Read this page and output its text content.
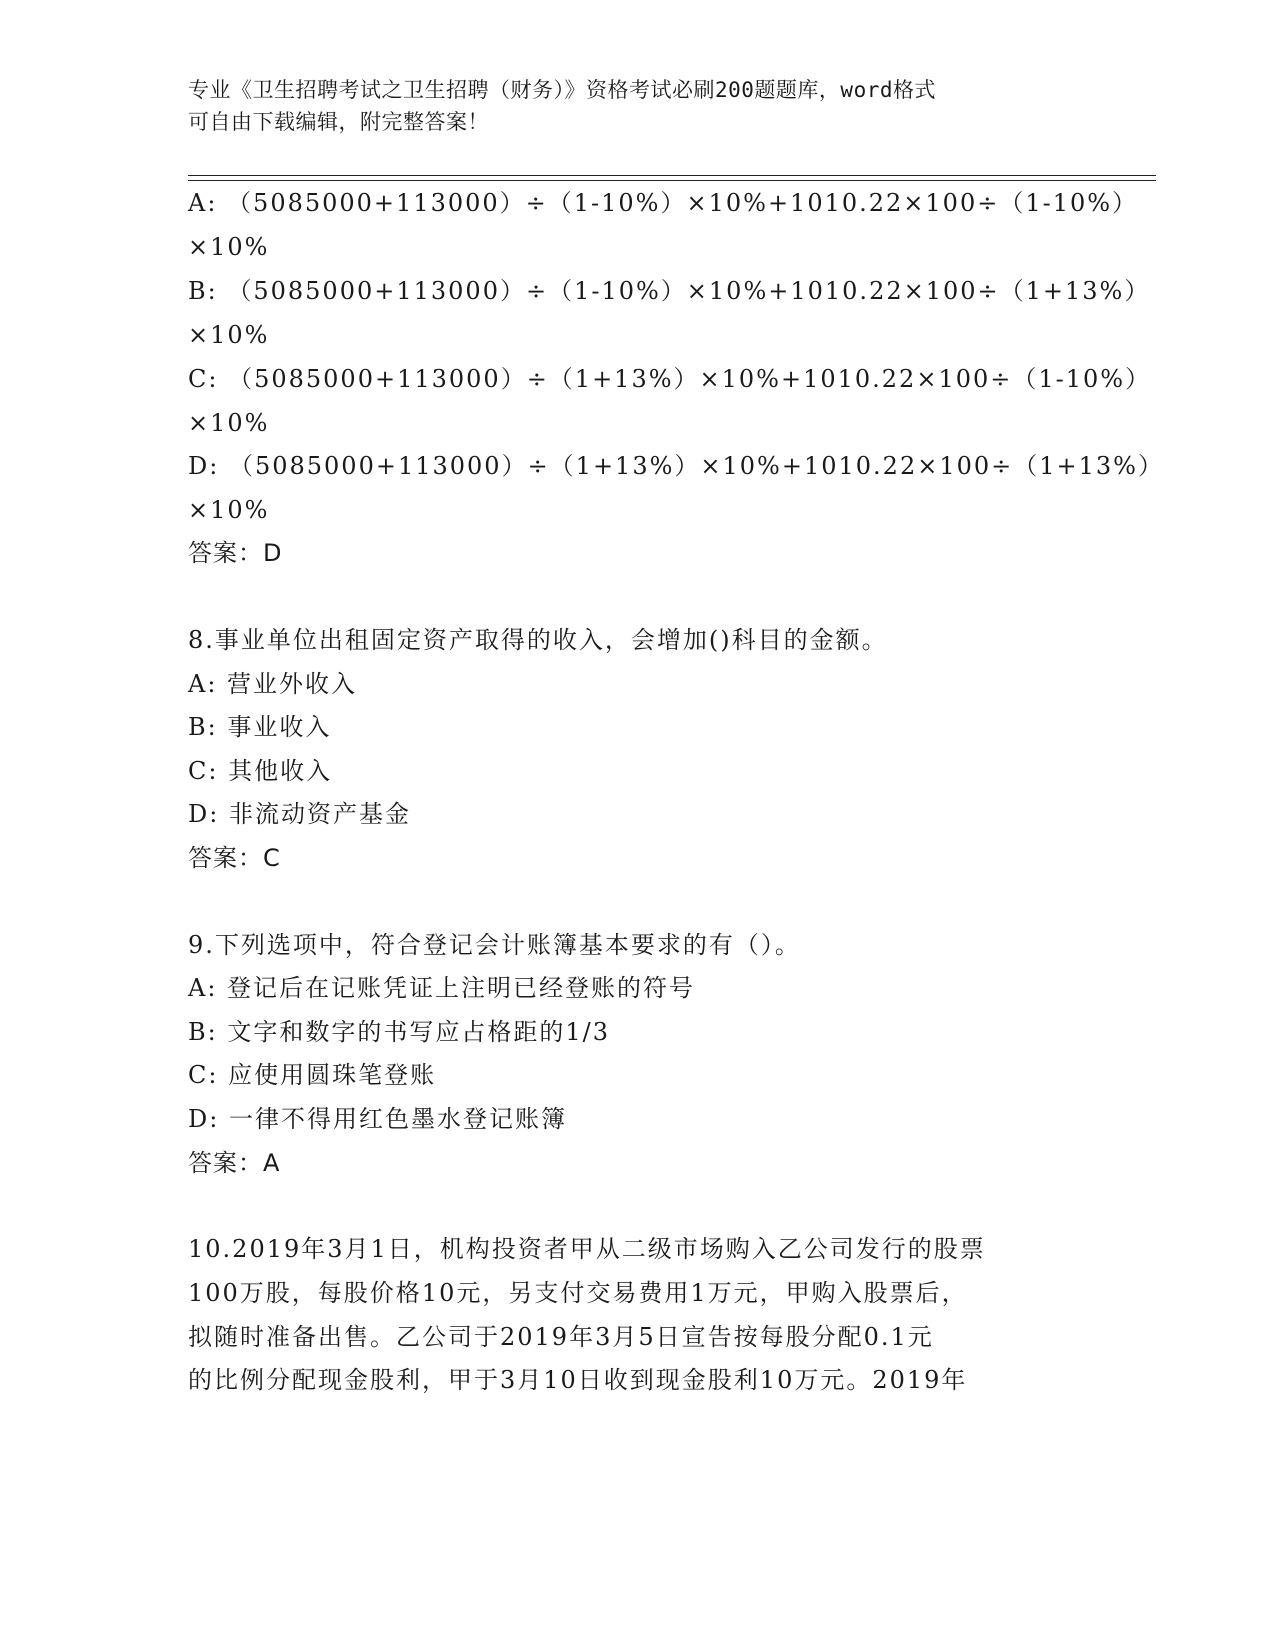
专业《卫生招聘考试之卫生招聘（财务）》资格考试必刷200题题库，word格式
可自由下载编辑，附完整答案！
A: （5085000+113000）÷（1-10%）×10%+1010.22×100÷（1-10%）
×10%
B: （5085000+113000）÷（1-10%）×10%+1010.22×100÷（1+13%）
×10%
C: （5085000+113000）÷（1+13%）×10%+1010.22×100÷（1-10%）
×10%
D: （5085000+113000）÷（1+13%）×10%+1010.22×100÷（1+13%）
×10%
答案：D
8.事业单位出租固定资产取得的收入，会增加()科目的金额。
A: 营业外收入
B: 事业收入
C: 其他收入
D: 非流动资产基金
答案：C
9.下列选项中，符合登记会计账簿基本要求的有（）。
A: 登记后在记账凭证上注明已经登账的符号
B: 文字和数字的书写应占格距的1/3
C: 应使用圆珠笔登账
D: 一律不得用红色墨水登记账簿
答案：A
10.2019年3月1日，机构投资者甲从二级市场购入乙公司发行的股票
100万股，每股价格10元，另支付交易费用1万元，甲购入股票后，
拟随时准备出售。乙公司于2019年3月5日宣告按每股分配0.1元
的比例分配现金股利，甲于3月10日收到现金股利10万元。2019年
